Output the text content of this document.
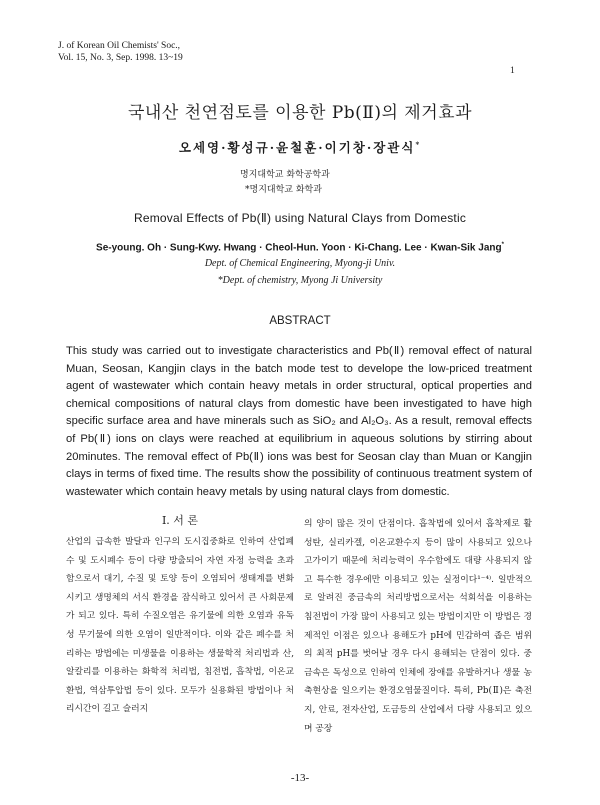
J. of Korean Oil Chemists' Soc.,
Vol. 15, No. 3, Sep. 1998. 13~19
1
국내산 천연점토를 이용한 Pb(Ⅱ)의 제거효과
오세영·황성규·윤철훈·이기창·장관식*
명지대학교 화학공학과
*명지대학교 화학과
Removal Effects of Pb(Ⅱ) using Natural Clays from Domestic
Se-young. Oh · Sung-Kwy. Hwang · Cheol-Hun. Yoon · Ki-Chang. Lee · Kwan-Sik Jang*
Dept. of Chemical Engineering, Myong-ji Univ.
*Dept. of chemistry, Myong Ji University
ABSTRACT
This study was carried out to investigate characteristics and Pb(Ⅱ) removal effect of natural Muan, Seosan, Kangjin clays in the batch mode test to develope the low-priced treatment agent of wastewater which contain heavy metals in order structural, optical properties and chemical compositions of natural clays from domestic have been investigated to have high specific surface area and have minerals such as SiO₂ and Al₂O₃. As a result, removal effects of Pb(Ⅱ) ions on clays were reached at equilibrium in aqueous solutions by stirring about 20minutes. The removal effect of Pb(Ⅱ) ions was best for Seosan clay than Muan or Kangjin clays in terms of fixed time. The results show the possibility of continuous treatment system of wastewater which contain heavy metals by using natural clays from domestic.
Ⅰ. 서 론

산업의 급속한 발달과 인구의 도시집중화로 인하여 산업폐수 및 도시폐수 등이 다량 방출되어 자연 자정 능력을 초과함으로서 대기, 수질 및 토양 등이 오염되어 생태계를 변화시키고 생명체의 서식 환경을 잠식하고 있어서 큰 사회문제가 되고 있다. 특히 수질오염은 유기물에 의한 오염과 유독성 무기물에 의한 오염이 일반적이다. 이와 같은 폐수를 처리하는 방법에는 미생물을 이용하는 생물학적 처리법과 산, 알칼리를 이용하는 화학적 처리법, 침전법, 흡착법, 이온교환법, 역삼투압법 등이 있다. 모두가 실용화된 방법이나 처리시간이 길고 슬러지

의 양이 많은 것이 단점이다. 흡착법에 있어서 흡착제로 활성탄, 실리카겔, 이온교환수지 등이 많이 사용되고 있으나 고가이기 때문에 처리능력이 우수함에도 대량 사용되지 않고 특수한 경우에만 이용되고 있는 실정이다¹⁻⁴⁾. 일반적으로 알려진 중금속의 처리방법으로서는 석회석을 이용하는 침전법이 가장 많이 사용되고 있는 방법이지만 이 방법은 경제적인 이점은 있으나 용해도가 pH에 민감하여 좁은 범위의 최적 pH를 벗어날 경우 다시 용해되는 단점이 있다. 중금속은 독성으로 인하여 인체에 장애를 유발하거나 생물 농축현상을 일으키는 환경오염물질이다. 특히, Pb(Ⅱ)은 축전지, 안료, 전자산업, 도금등의 산업에서 다량 사용되고 있으며 공장

-13-
